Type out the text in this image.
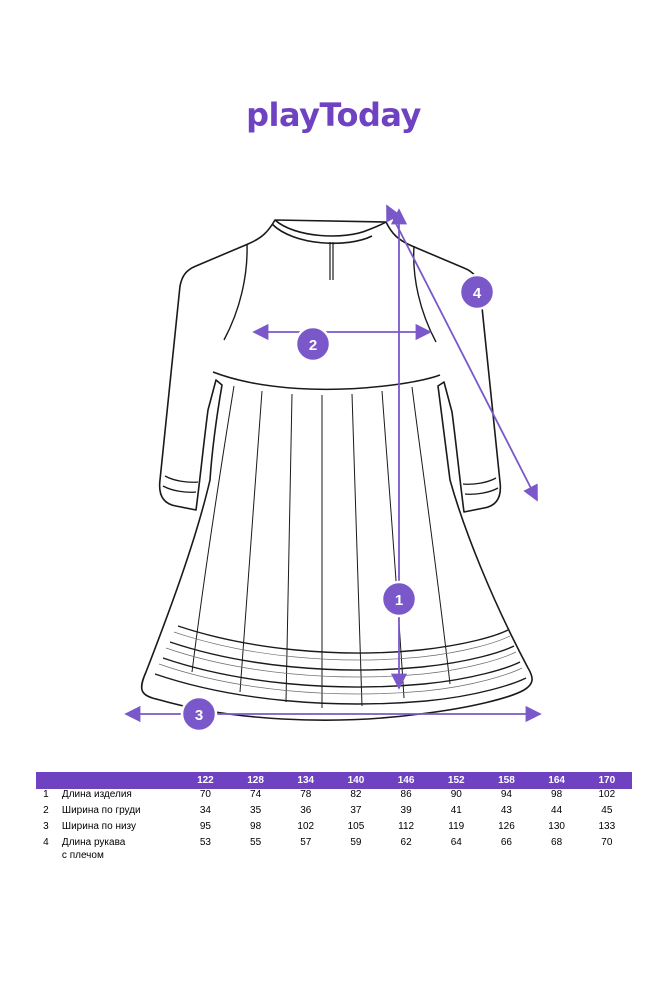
playToday
1
2
3
4
		122	128	134	140	146	152	158	164	170
1	Длина изделия	70	74	78	82	86	90	94	98	102
2	Ширина по груди	34	35	36	37	39	41	43	44	45
3	Ширина по низу	95	98	102	105	112	119	126	130	133
4	Длина рукава
с плечом	53	55	57	59	62	64	66	68	70
